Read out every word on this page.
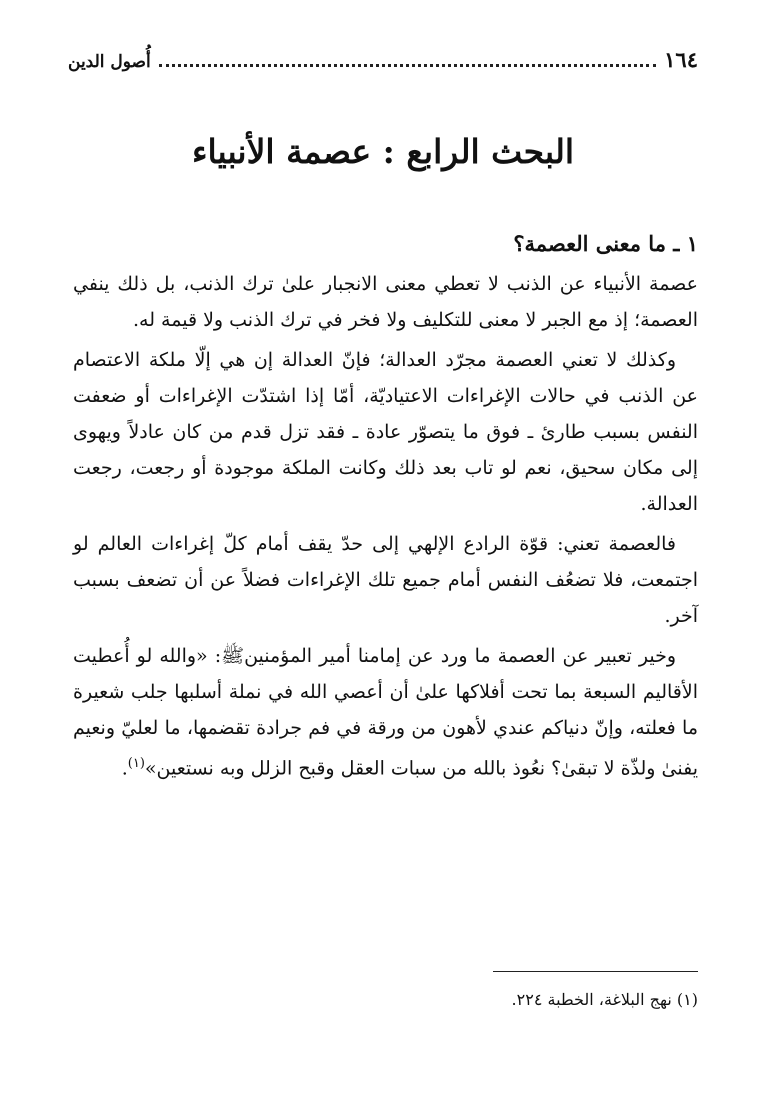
١٦٤
أُصول الدين
البحث الرابع : عصمة الأنبياء

١ ـ ما معنى العصمة؟

عصمة الأنبياء عن الذنب لا تعطي معنى الانجبار علىٰ ترك الذنب، بل ذلك ينفي العصمة؛ إذ مع الجبر لا معنى للتكليف ولا فخر في ترك الذنب ولا قيمة له.

وكذلك لا تعني العصمة مجرّد العدالة؛ فإنّ العدالة إن هي إلّا ملكة الاعتصام عن الذنب في حالات الإغراءات الاعتياديّة، أمّا إذا اشتدّت الإغراءات أو ضعفت النفس بسبب طارئ ـ فوق ما يتصوّر عادة ـ فقد تزل قدم من كان عادلاً ويهوى إلى مكان سحيق، نعم لو تاب بعد ذلك وكانت الملكة موجودة أو رجعت، رجعت العدالة.

فالعصمة تعني: قوّة الرادع الإلهي إلى حدّ يقف أمام كلّ إغراءات العالم لو اجتمعت، فلا تضعُف النفس أمام جميع تلك الإغراءات فضلاً عن أن تضعف بسبب آخر.

وخير تعبير عن العصمة ما ورد عن إمامنا أمير المؤمنين‬ﷺ: «والله لو أُعطيت الأقاليم السبعة بما تحت أفلاكها علىٰ أن أعصي الله في نملة أسلبها جلب شعيرة ما فعلته، وإنّ دنياكم عندي لأهون من ورقة في فم جرادة تقضمها، ما لعليّ ونعيم يفنىٰ ولذّة لا تبقىٰ؟ نعُوذ بالله من سبات العقل وقبح الزلل وبه نستعين»$^{(١)}$.

(١) نهج البلاغة، الخطبة ٢٢٤.
